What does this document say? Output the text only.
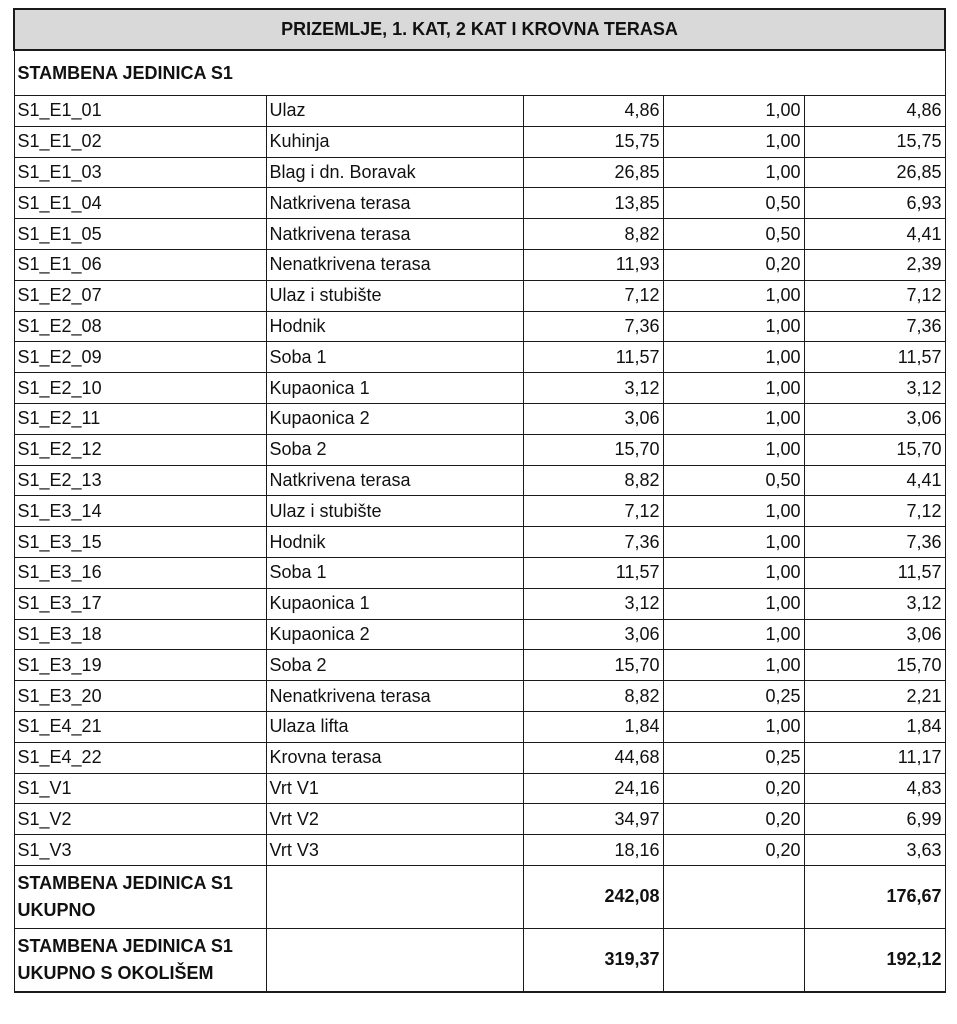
PRIZEMLJE, 1. KAT, 2 KAT I KROVNA TERASA				
STAMBENA JEDINICA S1				
S1_E1_01	Ulaz	4,86	1,00	4,86
S1_E1_02	Kuhinja	15,75	1,00	15,75
S1_E1_03	Blag i dn. Boravak	26,85	1,00	26,85
S1_E1_04	Natkrivena terasa	13,85	0,50	6,93
S1_E1_05	Natkrivena terasa	8,82	0,50	4,41
S1_E1_06	Nenatkrivena terasa	11,93	0,20	2,39
S1_E2_07	Ulaz i stubište	7,12	1,00	7,12
S1_E2_08	Hodnik	7,36	1,00	7,36
S1_E2_09	Soba 1	11,57	1,00	11,57
S1_E2_10	Kupaonica 1	3,12	1,00	3,12
S1_E2_11	Kupaonica 2	3,06	1,00	3,06
S1_E2_12	Soba 2	15,70	1,00	15,70
S1_E2_13	Natkrivena terasa	8,82	0,50	4,41
S1_E3_14	Ulaz i stubište	7,12	1,00	7,12
S1_E3_15	Hodnik	7,36	1,00	7,36
S1_E3_16	Soba 1	11,57	1,00	11,57
S1_E3_17	Kupaonica 1	3,12	1,00	3,12
S1_E3_18	Kupaonica 2	3,06	1,00	3,06
S1_E3_19	Soba 2	15,70	1,00	15,70
S1_E3_20	Nenatkrivena terasa	8,82	0,25	2,21
S1_E4_21	Ulaza lifta	1,84	1,00	1,84
S1_E4_22	Krovna terasa	44,68	0,25	11,17
S1_V1	Vrt V1	24,16	0,20	4,83
S1_V2	Vrt V2	34,97	0,20	6,99
S1_V3	Vrt V3	18,16	0,20	3,63

STAMBENA JEDINICA S1
UKUPNO		242,08		176,67

STAMBENA JEDINICA S1
UKUPNO S OKOLIŠEM		319,37		192,12
